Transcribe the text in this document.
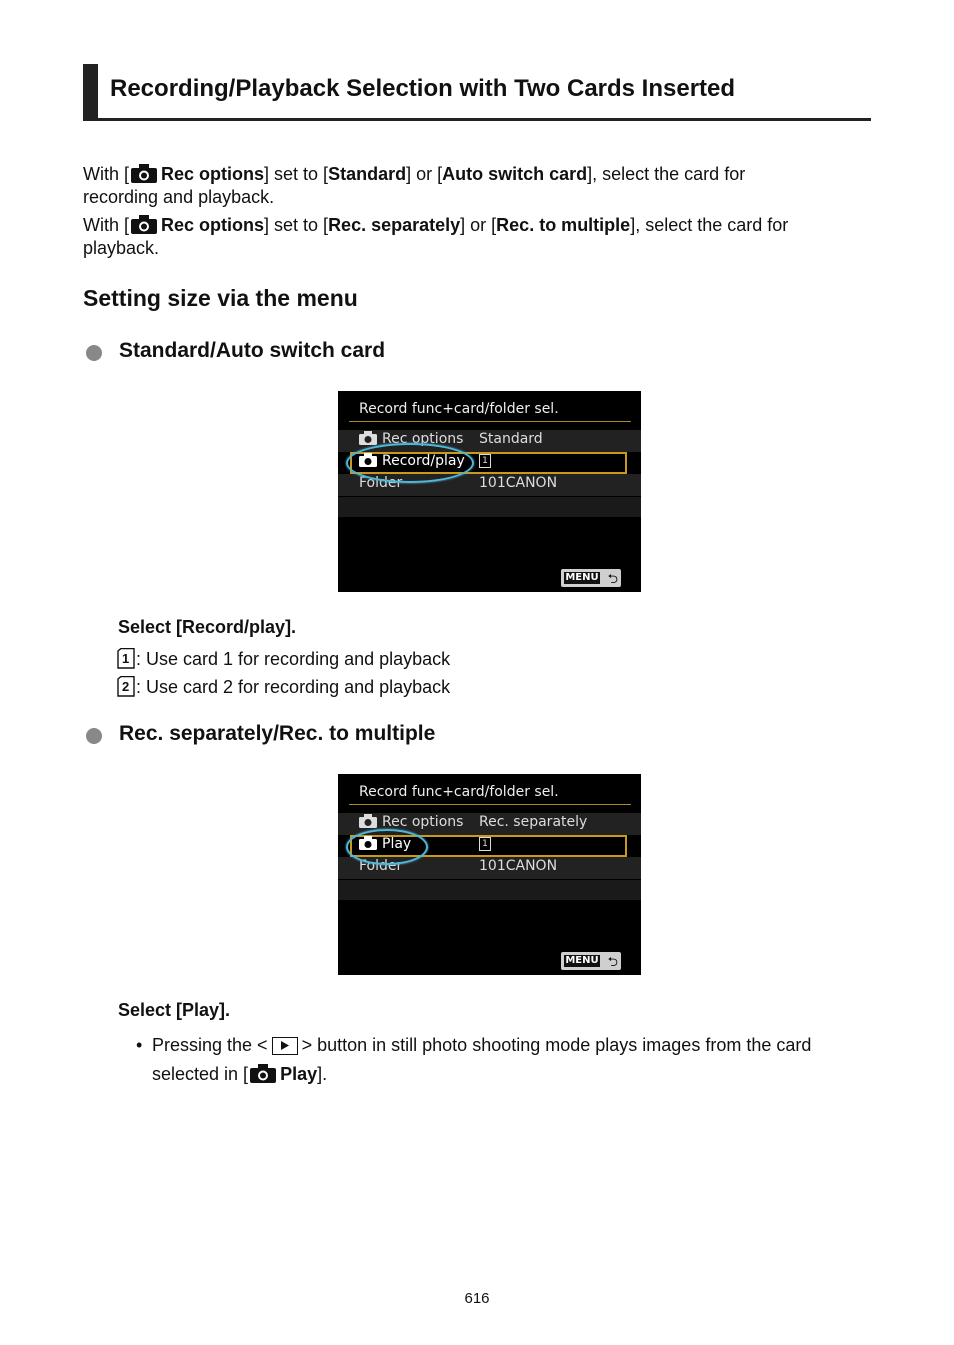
Recording/Playback Selection with Two Cards Inserted
With [ Rec options] set to [Standard] or [Auto switch card], select the card for
recording and playback.
With [ Rec options] set to [Rec. separately] or [Rec. to multiple], select the card for
playback.
Setting size via the menu
Standard/Auto switch card
Record func+card/folder sel.
Rec options Standard
Record/play	1
Folder	101CANON
MENU ⮌
Select [Record/play].
1 : Use card 1 for recording and playback
2 : Use card 2 for recording and playback
Rec. separately/Rec. to multiple
Record func+card/folder sel.
Rec options Rec. separately
Play	1
Folder	101CANON
MENU ⮌
Select [Play].
• Pressing the < > button in still photo shooting mode plays images from the card
selected in [ Play].
616
